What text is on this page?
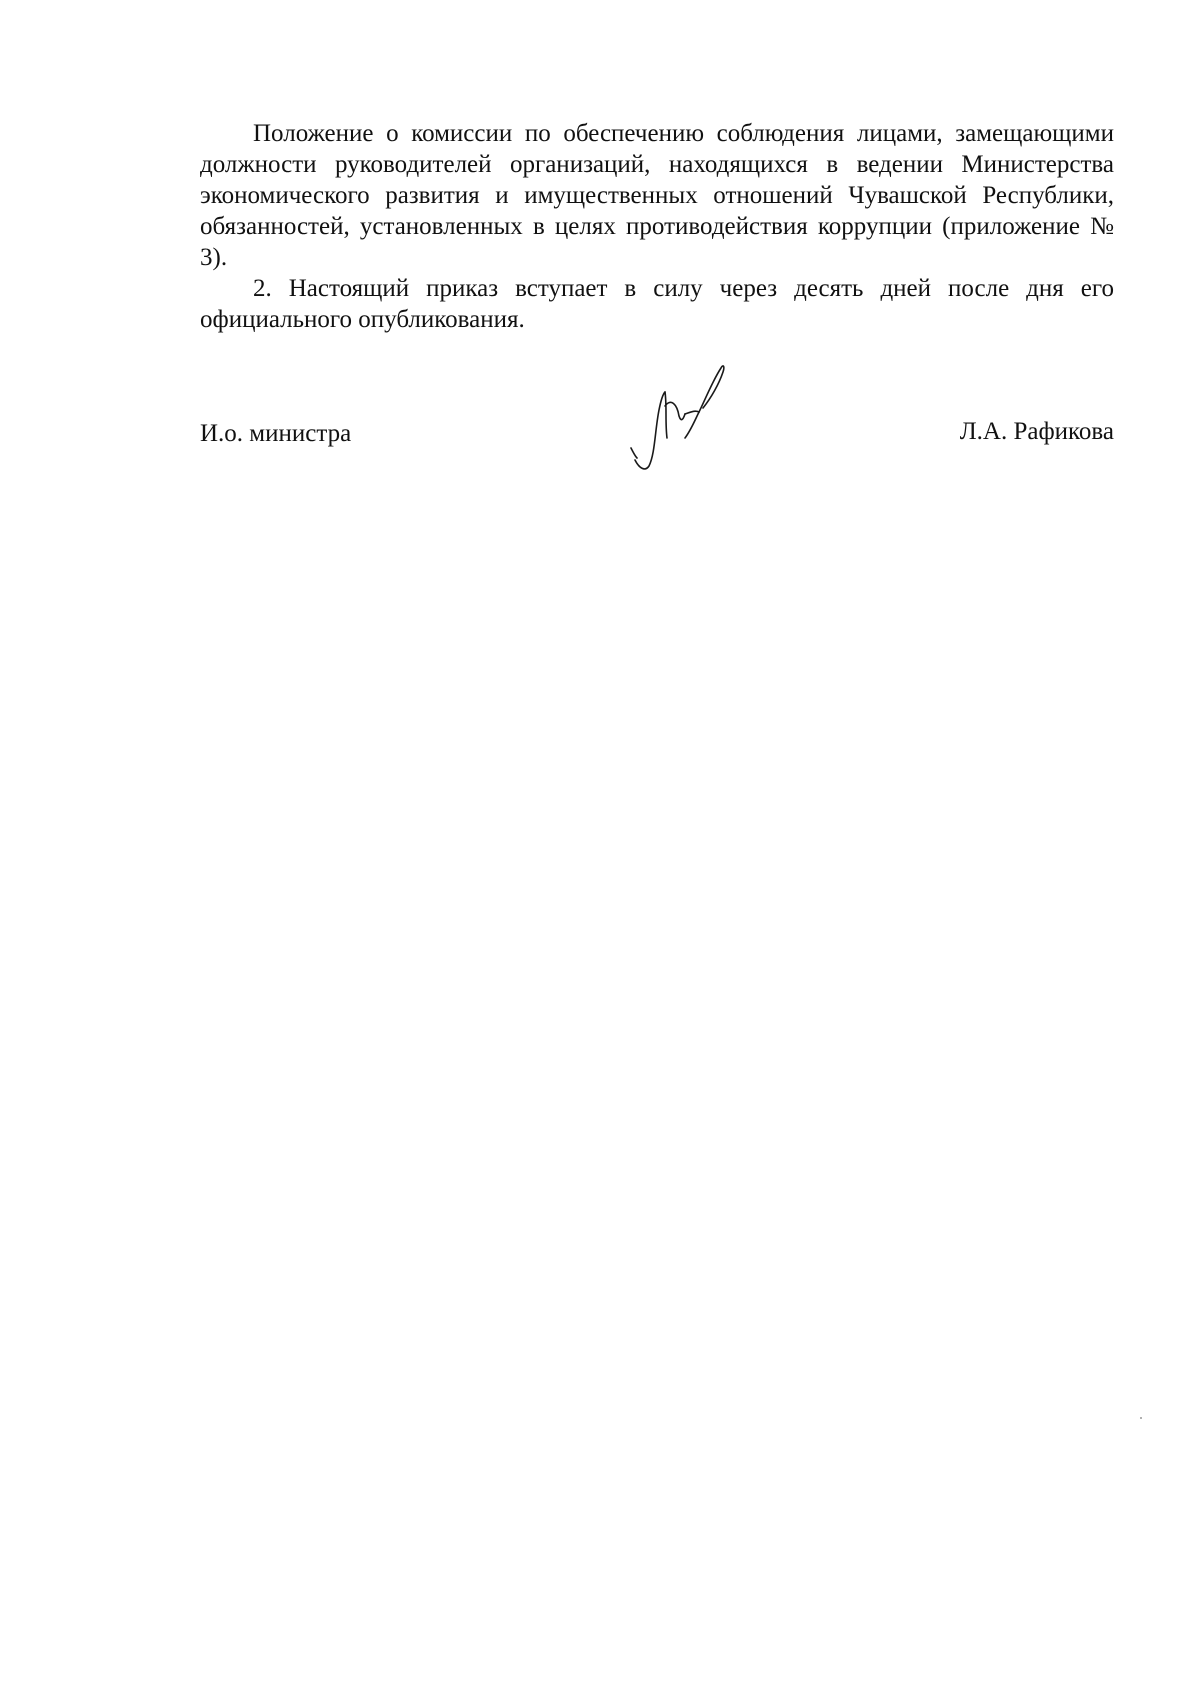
Положение о комиссии по обеспечению соблюдения лицами, замещающими должности руководителей организаций, находящихся в ведении Министерства экономического развития и имущественных отношений Чувашской Республики, обязанностей, установленных в целях противодействия коррупции (приложение № 3).

2. Настоящий приказ вступает в силу через десять дней после дня его официального опубликования.

И.о. министра	Л.А. Рафикова
